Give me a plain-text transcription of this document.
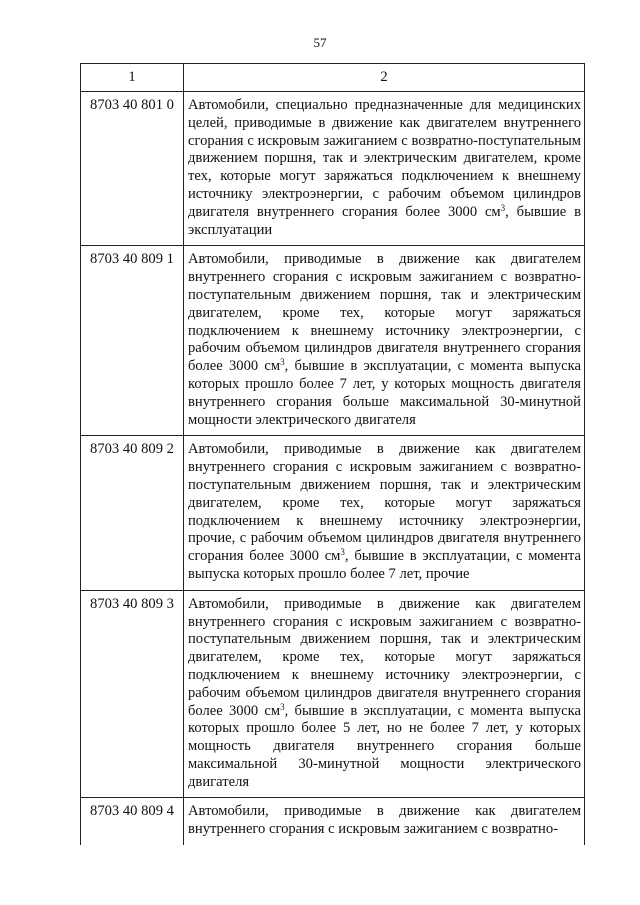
57
1	2
8703 40 801 0	Автомобили, специально предназначенные для медицинских целей, приводимые в движение как двигателем внутреннего сгорания с искровым зажиганием с возвратно-поступательным движением поршня, так и электрическим двигателем, кроме тех, которые могут заряжаться подключением к внешнему источнику электроэнергии, с рабочим объемом цилиндров двигателя внутреннего сгорания более 3000 $см^3$, бывшие в эксплуатации
8703 40 809 1	Автомобили, приводимые в движение как двигателем внутреннего сгорания с искровым зажиганием с возвратно-поступательным движением поршня, так и электрическим двигателем, кроме тех, которые могут заряжаться подключением к внешнему источнику электроэнергии, с рабочим объемом цилиндров двигателя внутреннего сгорания более 3000 $см^3$, бывшие в эксплуатации, с момента выпуска которых прошло более 7 лет, у которых мощность двигателя внутреннего сгорания больше максимальной 30-минутной мощности электрического двигателя
8703 40 809 2	Автомобили, приводимые в движение как двигателем внутреннего сгорания с искровым зажиганием с возвратно-поступательным движением поршня, так и электрическим двигателем, кроме тех, которые могут заряжаться подключением к внешнему источнику электроэнергии, прочие, с рабочим объемом цилиндров двигателя внутреннего сгорания более 3000 $см^3$, бывшие в эксплуатации, с момента выпуска которых прошло более 7 лет, прочие
8703 40 809 3	Автомобили, приводимые в движение как двигателем внутреннего сгорания с искровым зажиганием с возвратно-поступательным движением поршня, так и электрическим двигателем, кроме тех, которые могут заряжаться подключением к внешнему источнику электроэнергии, с рабочим объемом цилиндров двигателя внутреннего сгорания более 3000 $см^3$, бывшие в эксплуатации, с момента выпуска которых прошло более 5 лет, но не более 7 лет, у которых мощность двигателя внутреннего сгорания больше максимальной 30-минутной мощности электрического двигателя
8703 40 809 4	Автомобили, приводимые в движение как двигателем внутреннего сгорания с искровым зажиганием с возвратно-
